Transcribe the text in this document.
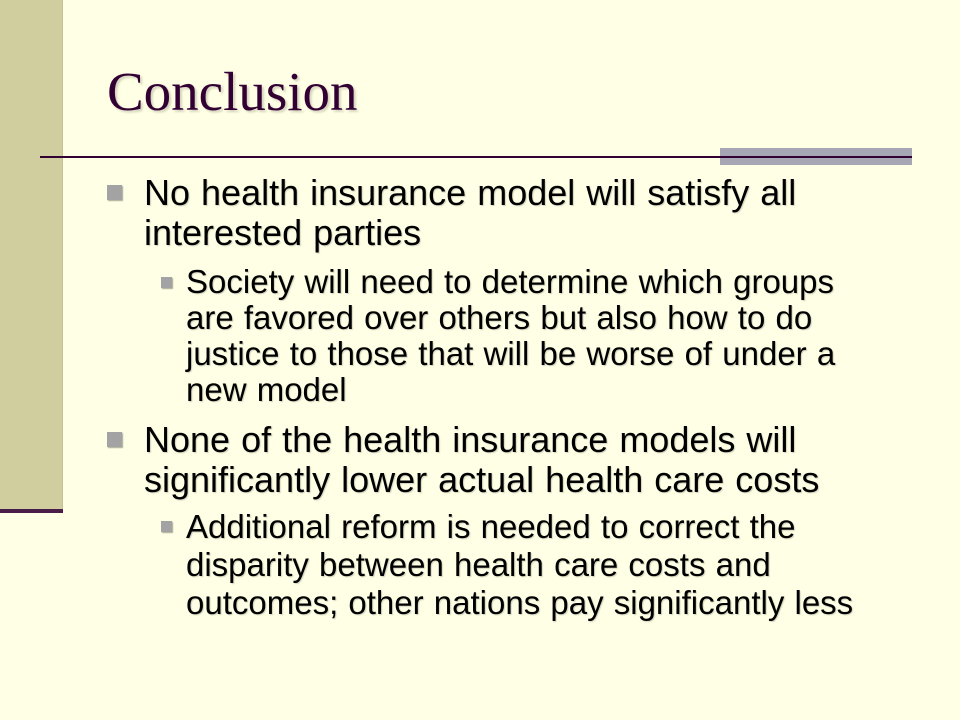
Conclusion

No health insurance model will satisfy all
interested parties

Society will need to determine which groups
are favored over others but also how to do
justice to those that will be worse of under a
new model

None of the health insurance models will
significantly lower actual health care costs

Additional reform is needed to correct the
disparity between health care costs and
outcomes; other nations pay significantly less
